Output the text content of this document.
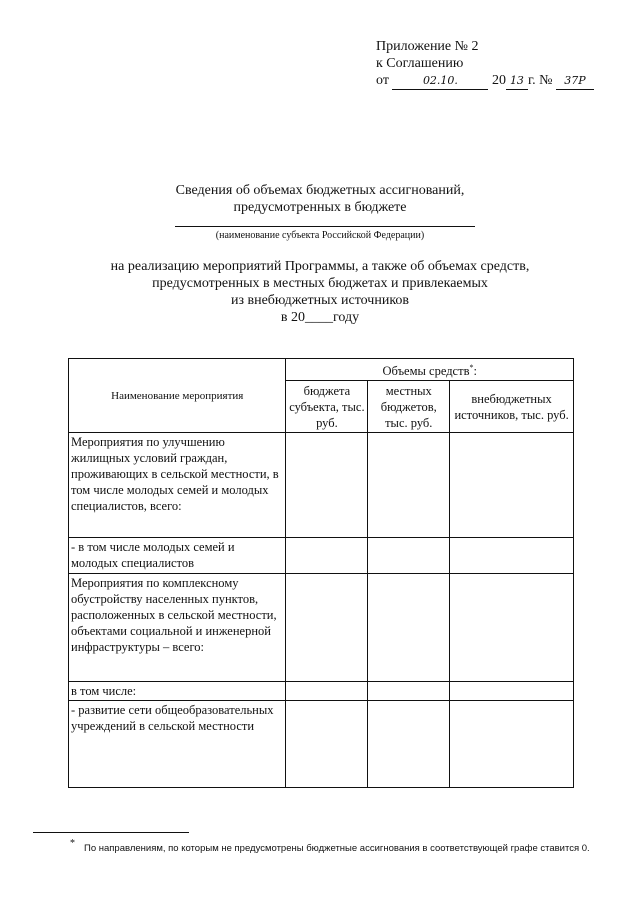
Приложение № 2
к Соглашению
от	02.10. 20 13 г. № 37Р
Сведения об объемах бюджетных ассигнований,
предусмотренных в бюджете
(наименование субъекта Российской Федерации)
на реализацию мероприятий Программы, а также об объемах средств,
предусмотренных в местных бюджетах и привлекаемых
из внебюджетных источников
в 20____году
Наименование мероприятия	Объемы средств*:		
	бюджета субъекта, тыс. руб.	местных бюджетов, тыс. руб.	внебюджетных источников, тыс. руб.
Мероприятия по улучшению жилищных условий граждан, проживающих в сельской местности, в том числе молодых семей и молодых специалистов, всего:			
- в том числе молодых семей и молодых специалистов			
Мероприятия по комплексному обустройству населенных пунктов, расположенных в сельской местности, объектами социальной и инженерной инфраструктуры – всего:			
в том числе:			
- развитие сети общеобразовательных учреждений в сельской местности			
* По направлениям, по которым не предусмотрены бюджетные ассигнования в соответствующей графе ставится 0.
